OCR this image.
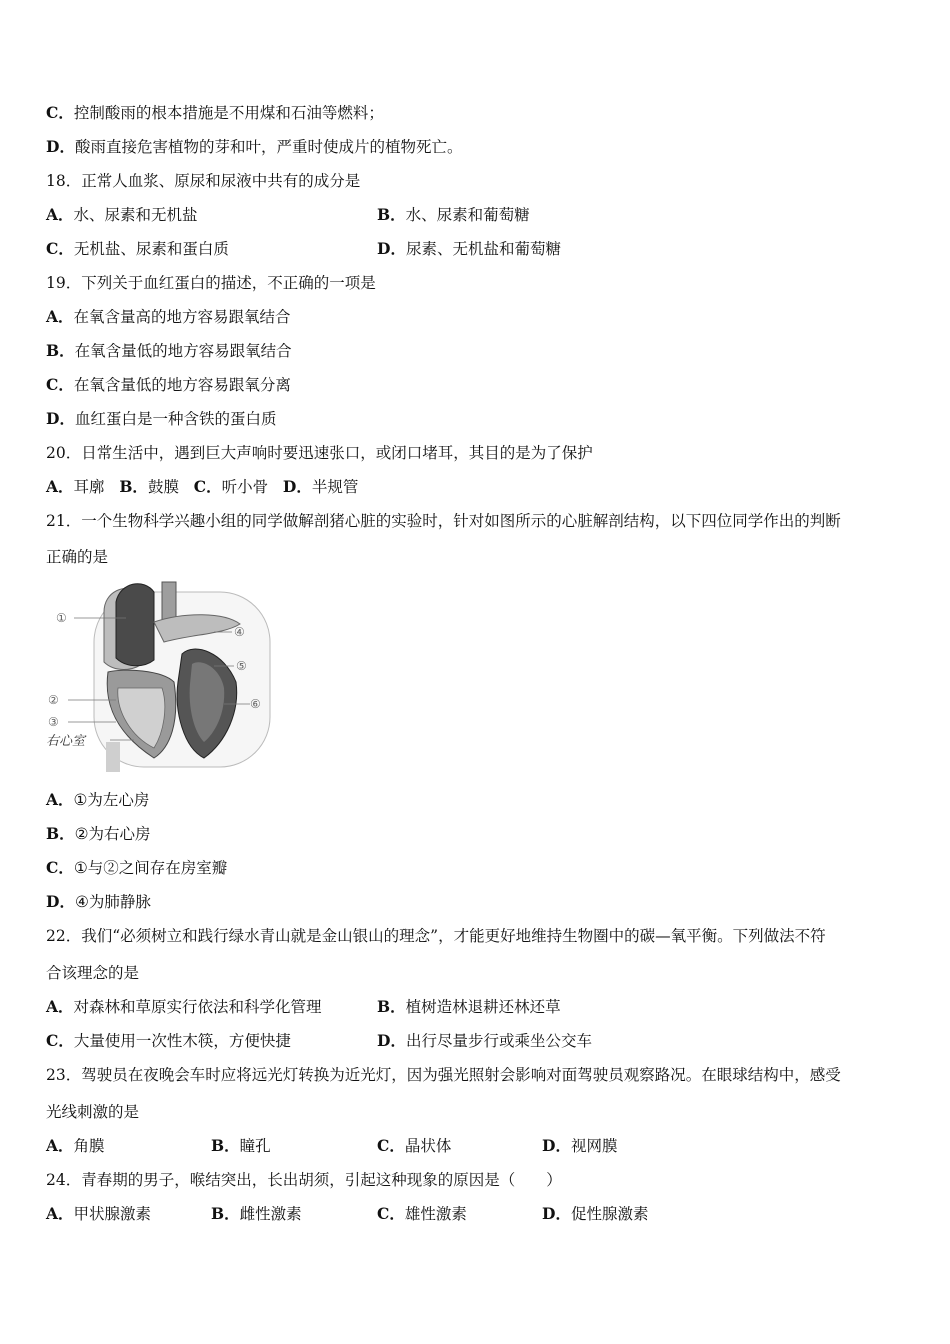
C．控制酸雨的根本措施是不用煤和石油等燃料；
D．酸雨直接危害植物的芽和叶，严重时使成片的植物死亡。
18．正常人血浆、原尿和尿液中共有的成分是
A．水、尿素和无机盐	B．水、尿素和葡萄糖
C．无机盐、尿素和蛋白质	D．尿素、无机盐和葡萄糖
19．下列关于血红蛋白的描述，不正确的一项是
A．在氧含量高的地方容易跟氧结合
B．在氧含量低的地方容易跟氧结合
C．在氧含量低的地方容易跟氧分离
D．血红蛋白是一种含铁的蛋白质
20．日常生活中，遇到巨大声响时要迅速张口，或闭口堵耳，其目的是为了保护
A．耳廓 B．鼓膜 C．听小骨 D．半规管
21．一个生物科学兴趣小组的同学做解剖猪心脏的实验时，针对如图所示的心脏解剖结构，以下四位同学作出的判断
正确的是
①
②
③
④
⑤
⑥
右心室
A．①为左心房
B．②为右心房
C．①与②之间存在房室瓣
D．④为肺静脉
22．我们“必须树立和践行绿水青山就是金山银山的理念”，才能更好地维持生物圈中的碳—氧平衡。下列做法不符
合该理念的是
A．对森林和草原实行依法和科学化管理	B．植树造林退耕还林还草
C．大量使用一次性木筷，方便快捷	D．出行尽量步行或乘坐公交车
23．驾驶员在夜晚会车时应将远光灯转换为近光灯，因为强光照射会影响对面驾驶员观察路况。在眼球结构中，感受
光线刺激的是
A．角膜	B．瞳孔	C．晶状体	D．视网膜
24．青春期的男子，喉结突出，长出胡须，引起这种现象的原因是（　　）
A．甲状腺激素	B．雌性激素	C．雄性激素	D．促性腺激素
